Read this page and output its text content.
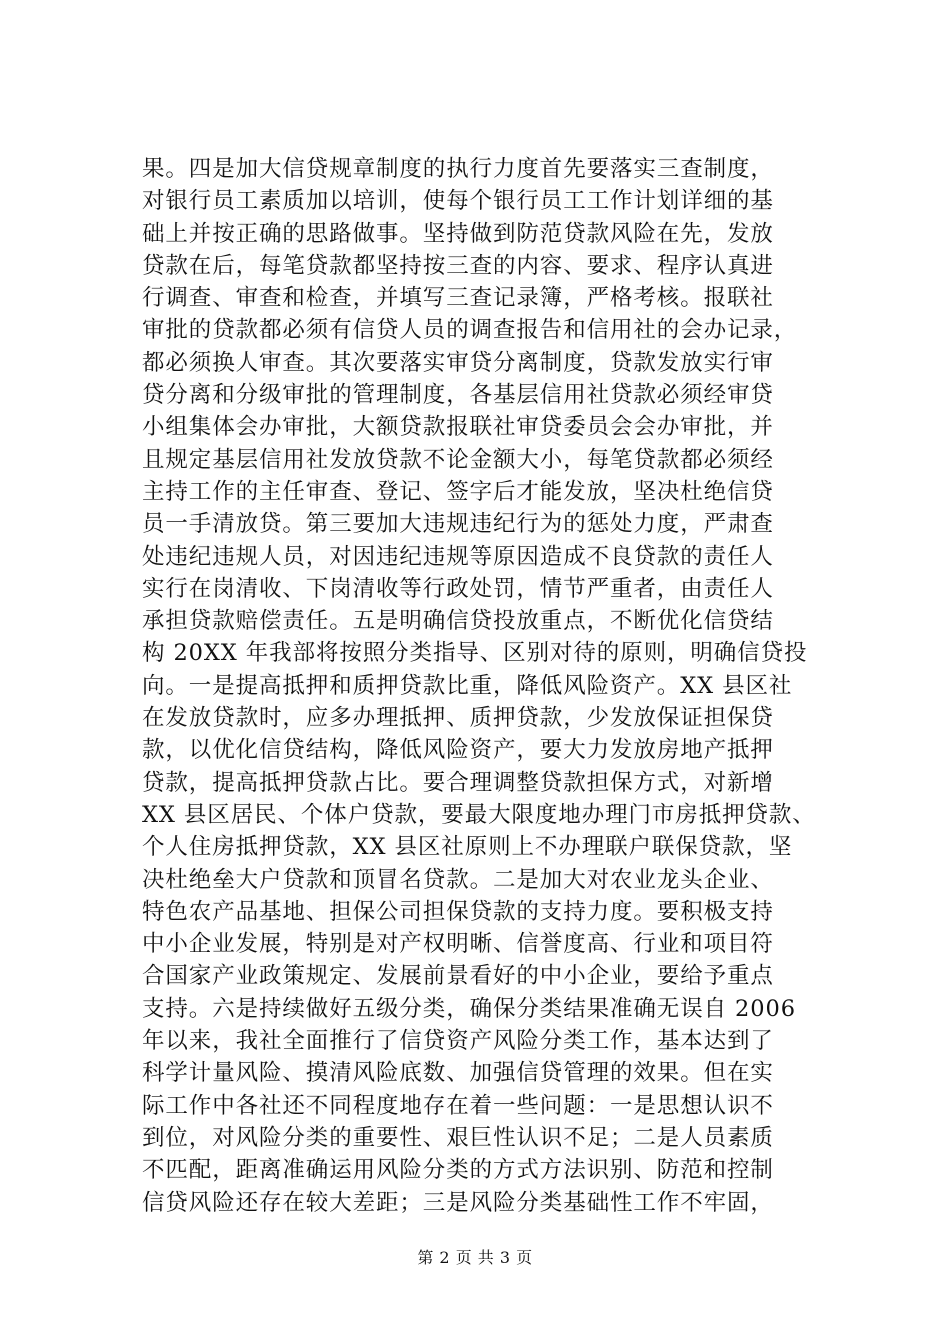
果。四是加大信贷规章制度的执行力度首先要落实三查制度，
对银行员工素质加以培训，使每个银行员工工作计划详细的基
础上并按正确的思路做事。坚持做到防范贷款风险在先，发放
贷款在后，每笔贷款都坚持按三查的内容、要求、程序认真进
行调查、审查和检查，并填写三查记录簿，严格考核。报联社
审批的贷款都必须有信贷人员的调查报告和信用社的会办记录，
都必须换人审查。其次要落实审贷分离制度，贷款发放实行审
贷分离和分级审批的管理制度，各基层信用社贷款必须经审贷
小组集体会办审批，大额贷款报联社审贷委员会会办审批，并
且规定基层信用社发放贷款不论金额大小，每笔贷款都必须经
主持工作的主任审查、登记、签字后才能发放，坚决杜绝信贷
员一手清放贷。第三要加大违规违纪行为的惩处力度，严肃查
处违纪违规人员，对因违纪违规等原因造成不良贷款的责任人
实行在岗清收、下岗清收等行政处罚，情节严重者，由责任人
承担贷款赔偿责任。五是明确信贷投放重点，不断优化信贷结
构 20XX 年我部将按照分类指导、区别对待的原则，明确信贷投
向。一是提高抵押和质押贷款比重，降低风险资产。XX 县区社
在发放贷款时，应多办理抵押、质押贷款，少发放保证担保贷
款，以优化信贷结构，降低风险资产，要大力发放房地产抵押
贷款，提高抵押贷款占比。要合理调整贷款担保方式，对新增
XX 县区居民、个体户贷款，要最大限度地办理门市房抵押贷款、
个人住房抵押贷款，XX 县区社原则上不办理联户联保贷款，坚
决杜绝垒大户贷款和顶冒名贷款。二是加大对农业龙头企业、
特色农产品基地、担保公司担保贷款的支持力度。要积极支持
中小企业发展，特别是对产权明晰、信誉度高、行业和项目符
合国家产业政策规定、发展前景看好的中小企业，要给予重点
支持。六是持续做好五级分类，确保分类结果准确无误自 2006
年以来，我社全面推行了信贷资产风险分类工作，基本达到了
科学计量风险、摸清风险底数、加强信贷管理的效果。但在实
际工作中各社还不同程度地存在着一些问题：一是思想认识不
到位，对风险分类的重要性、艰巨性认识不足；二是人员素质
不匹配，距离准确运用风险分类的方式方法识别、防范和控制
信贷风险还存在较大差距；三是风险分类基础性工作不牢固，
第 2 页 共 3 页
